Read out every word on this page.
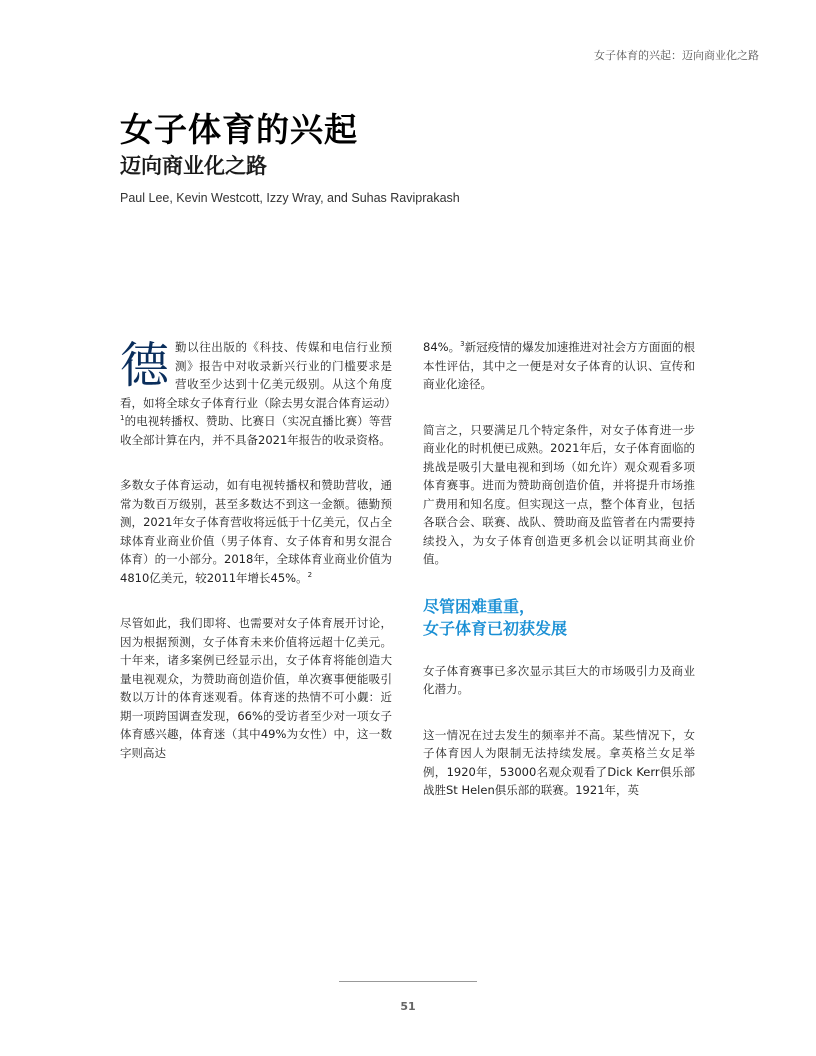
女子体育的兴起：迈向商业化之路
女子体育的兴起
迈向商业化之路
Paul Lee, Kevin Westcott, Izzy Wray, and Suhas Raviprakash

德勤以往出版的《科技、传媒和电信行业预测》报告中对收录新兴行业的门槛要求是营收至少达到十亿美元级别。从这个角度看，如将全球女子体育行业（除去男女混合体育运动）$^1$的电视转播权、赞助、比赛日（实况直播比赛）等营收全部计算在内，并不具备2021年报告的收录资格。

多数女子体育运动，如有电视转播权和赞助营收，通常为数百万级别，甚至多数达不到这一金额。德勤预测，2021年女子体育营收将远低于十亿美元，仅占全球体育业商业价值（男子体育、女子体育和男女混合体育）的一小部分。2018年，全球体育业商业价值为4810亿美元，较2011年增长45%。$^2$

尽管如此，我们即将、也需要对女子体育展开讨论，因为根据预测，女子体育未来价值将远超十亿美元。十年来，诸多案例已经显示出，女子体育将能创造大量电视观众，为赞助商创造价值，单次赛事便能吸引数以万计的体育迷观看。体育迷的热情不可小觑：近期一项跨国调查发现，66%的受访者至少对一项女子体育感兴趣，体育迷（其中49%为女性）中，这一数字则高达

84%。$^3$新冠疫情的爆发加速推进对社会方方面面的根本性评估，其中之一便是对女子体育的认识、宣传和商业化途径。

简言之，只要满足几个特定条件，对女子体育进一步商业化的时机便已成熟。2021年后，女子体育面临的挑战是吸引大量电视和到场（如允许）观众观看多项体育赛事。进而为赞助商创造价值，并将提升市场推广费用和知名度。但实现这一点，整个体育业，包括各联合会、联赛、战队、赞助商及监管者在内需要持续投入，为女子体育创造更多机会以证明其商业价值。

尽管困难重重，
女子体育已初获发展

女子体育赛事已多次显示其巨大的市场吸引力及商业化潜力。

这一情况在过去发生的频率并不高。某些情况下，女子体育因人为限制无法持续发展。拿英格兰女足举例，1920年，53000名观众观看了Dick Kerr俱乐部战胜St Helen俱乐部的联赛。1921年，英

51
